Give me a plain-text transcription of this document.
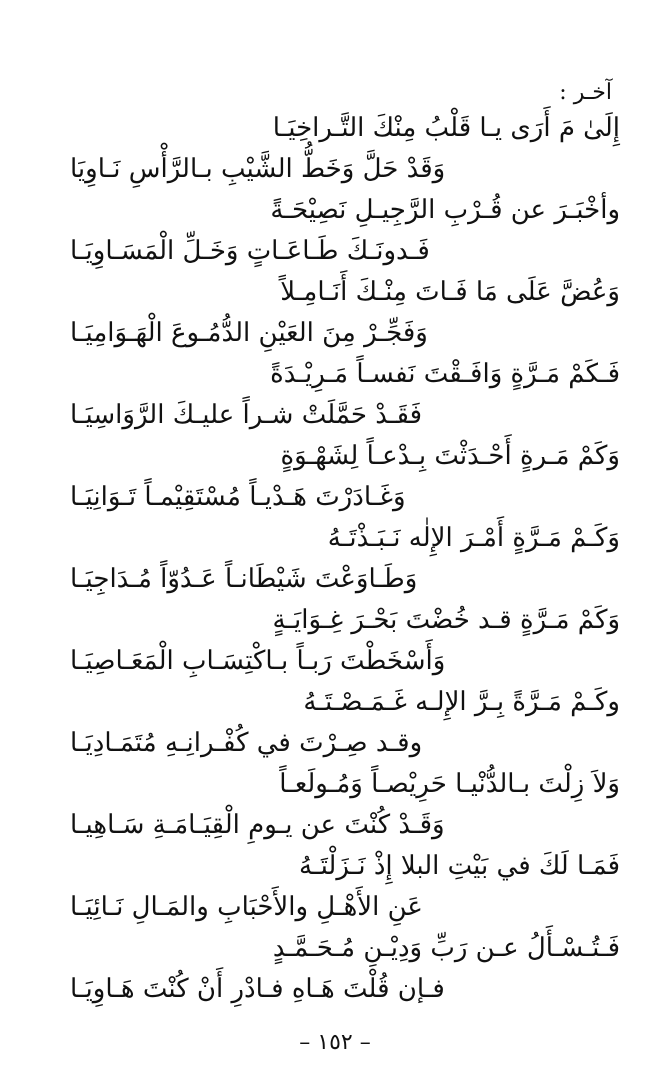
آخـر :
إِلَىٰ مَ أَرَى يـا قَلْبُ مِنْكَ التَّـراخِيَـا
وَقَدْ حَلَّ وَخَطُّ الشَّيْبِ بـالرَّأْسِ نَـاوِيَا
وأخْبَـرَ عن قُـرْبِ الرَّجِيـلِ نَصِيْحَـةً
فَـدونَـكَ طَـاعَـاتٍ وَخَـلِّ الْمَسَـاوِيَـا
وَعُضَّ عَلَى مَا فَـاتَ مِنْـكَ أَنَـامِـلاً
وَفَجِّـرْ مِنَ العَيْنِ الدُّمُـوعَ الْهَـوَامِيَـا
فَـكَمْ مَـرَّةٍ وَافَـقْتَ نَفسـاً مَـرِيْـدَةً
فَقَـدْ حَمَّلَتْ شـراً عليـكَ الرَّوَاسِيَـا
وَكَمْ مَـرةٍ أَحْـدَثْتَ بِـدْعـاً لِشَهْـوَةٍ
وَغَـادَرْتَ هَـدْيـاً مُسْتَقِيْمـاً تَـوَانِيَـا
وَكَـمْ مَـرَّةٍ أَمْـرَ الإِلٰه نَـبَـذْتَـهُ
وَطَـاوَعْتَ شَيْطَانـاً عَـدُوّاً مُـدَاجِيَـا
وَكَمْ مَـرَّةٍ قـد خُضْتَ بَحْـرَ غِـوَايَـةٍ
وَأَسْخَطْتَ رَبـاً بـاكْتِسَـابِ الْمَعَـاصِيَـا
وكَـمْ مَـرَّةً بِـرَّ الإِلـه غَـمَـصْـتَـهُ
وقـد صِـرْتَ في كُفْـرانِـهِ مُتَمَـادِيَـا
وَلاَ زِلْتَ بـالدُّنْيـا حَرِيْصـاً وَمُـولَعـاً
وَقَـدْ كُنْتَ عن يـومِ الْقِيَـامَـةِ سَـاهِيـا
فَمَـا لَكَ في بَيْتِ البلا إِذْ نَـزَلْتَـهُ
عَنِ الأَهْـلِ والأَحْبَابِ والمَـالِ نَـائِيَـا
فَـتُـسْـأَلُ عـن رَبِّ وَدِيْـنِ مُـحَـمَّـدٍ
فـإن قُلْتَ هَـاهِ فـادْرِ أَنْ كُنْتَ هَـاوِيَـا
– ١٥٢ –
